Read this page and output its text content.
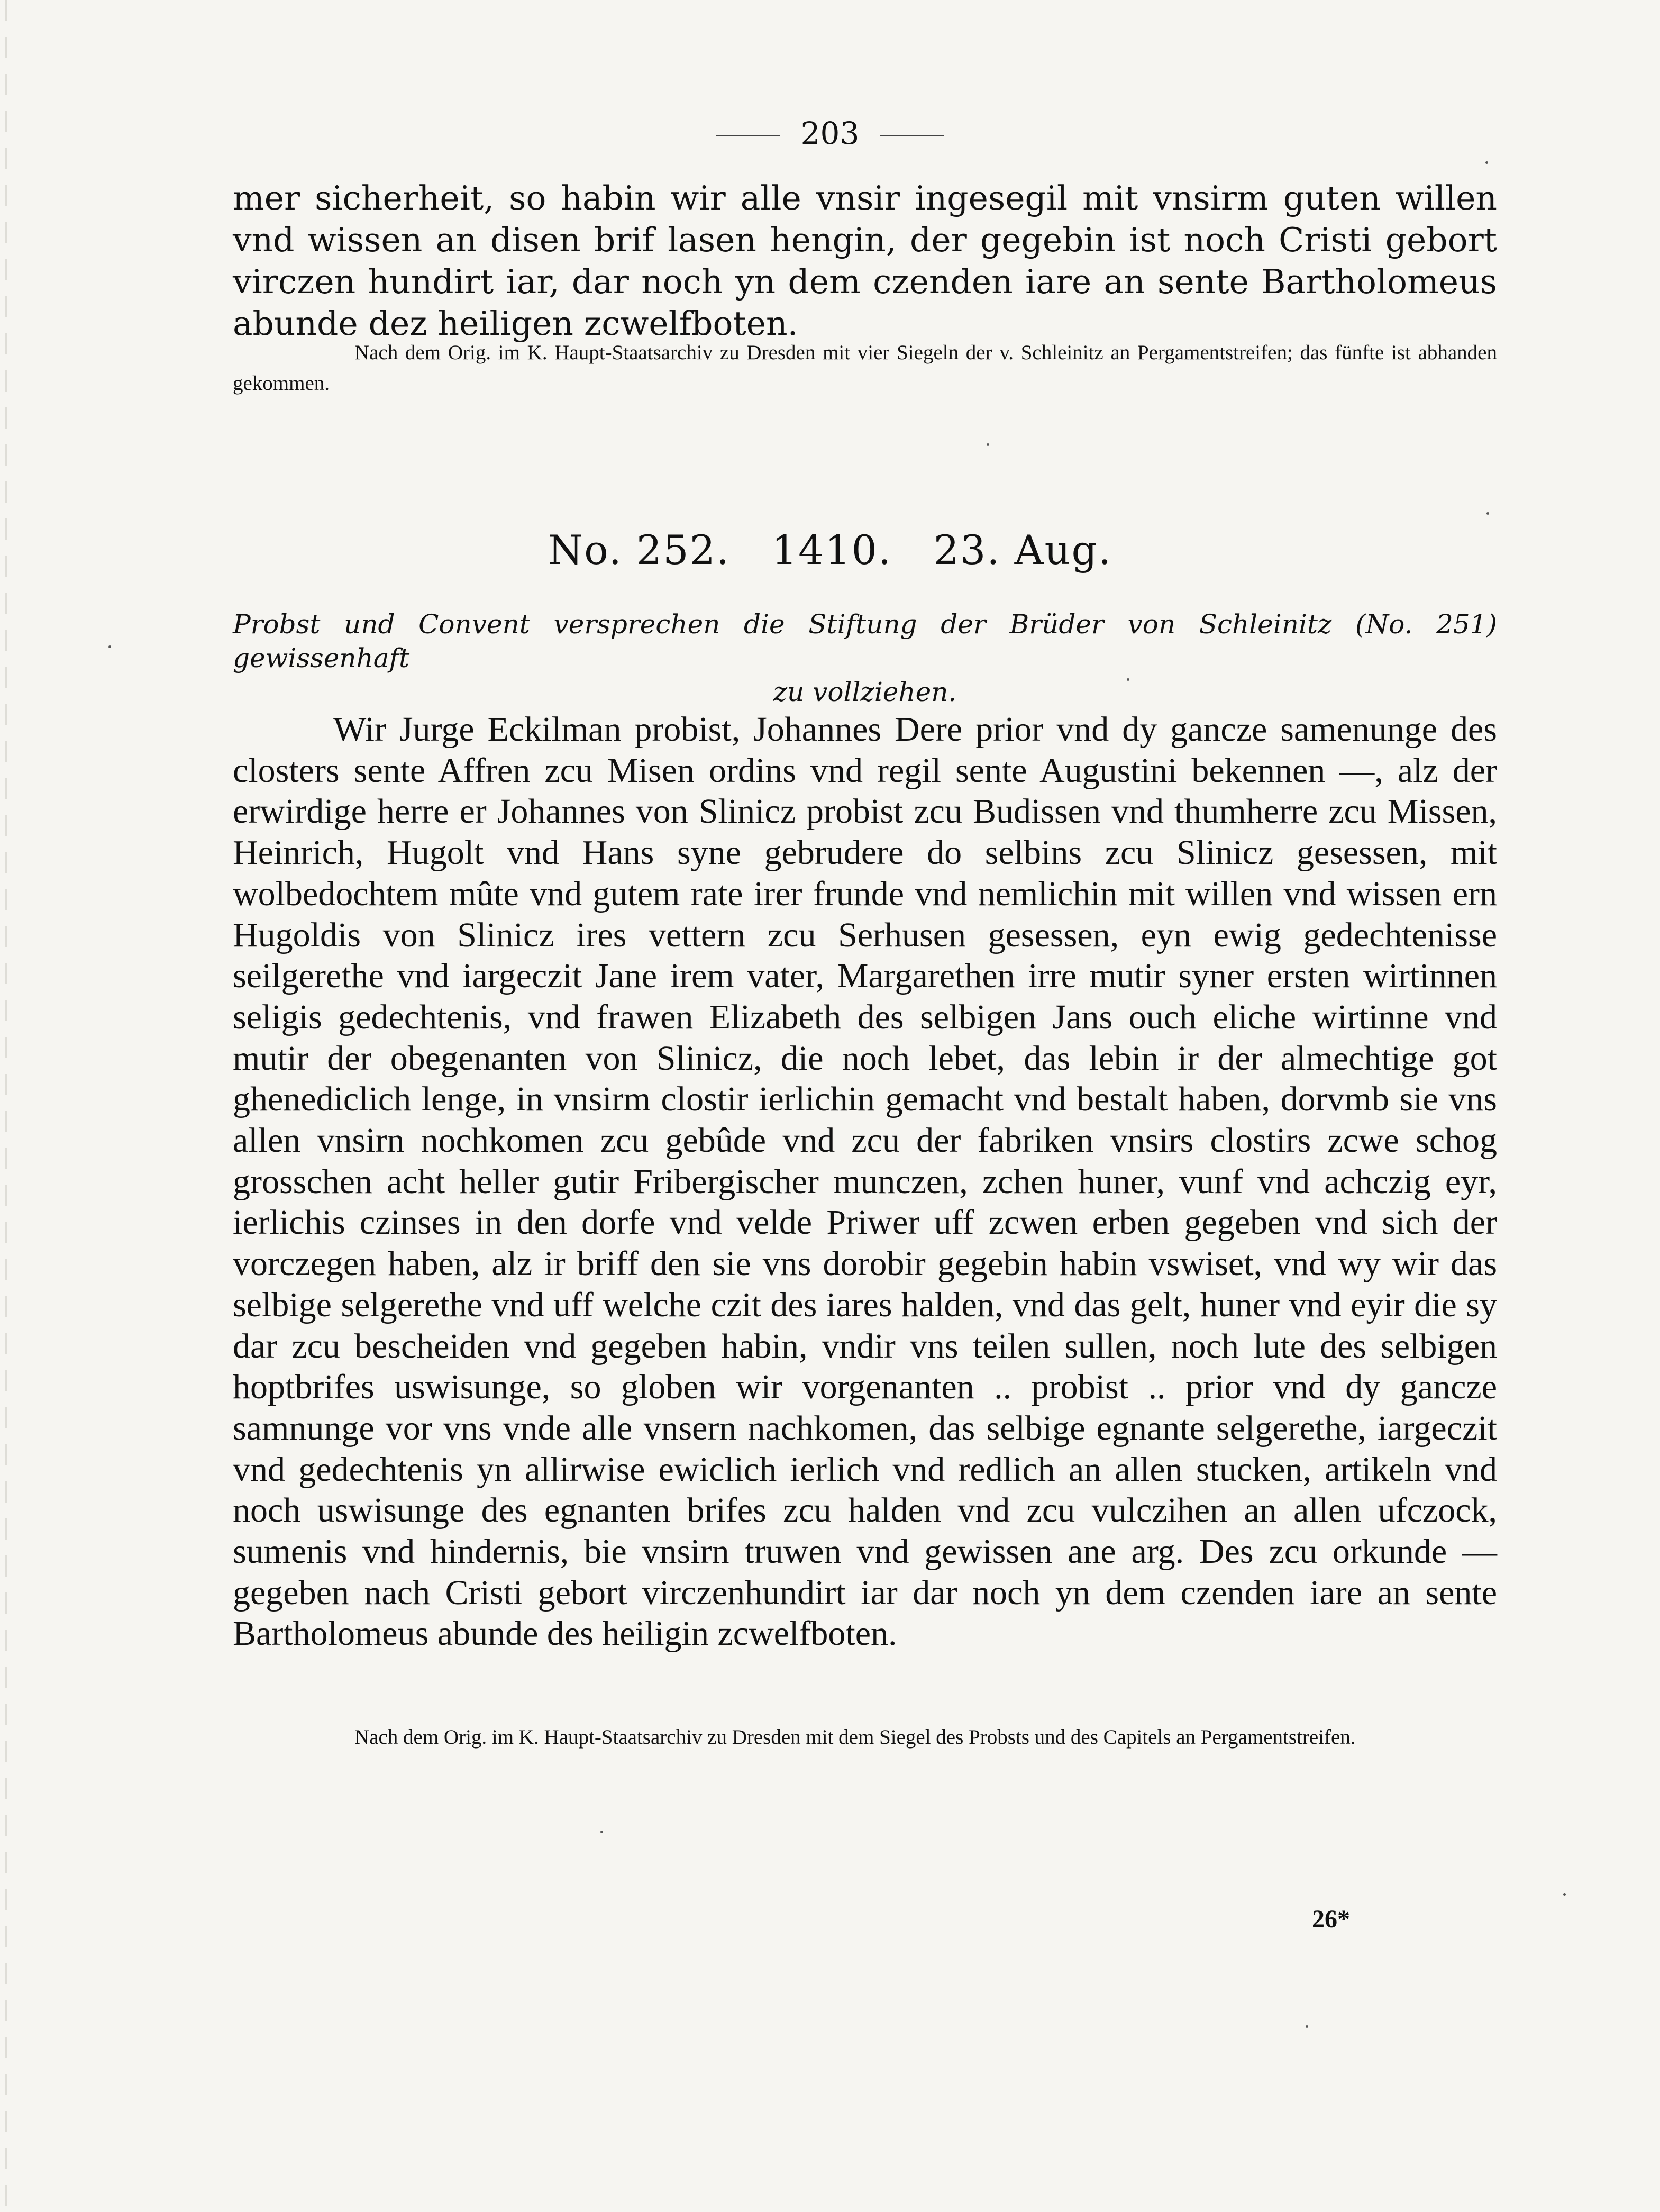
203

mer sicherheit, so habin wir alle vnsir ingesegil mit vnsirm guten willen vnd wissen an disen brif lasen hengin, der gegebin ist noch Cristi gebort virczen hundirt iar, dar noch yn dem czenden iare an sente Bartholomeus abunde dez heiligen zcwelfboten.

Nach dem Orig. im K. Haupt-Staatsarchiv zu Dresden mit vier Siegeln der v. Schleinitz an Pergamentstreifen; das fünfte ist abhanden gekommen.

No. 252.   1410.   23. Aug.
Probst und Convent versprechen die Stiftung der Brüder von Schleinitz (No. 251) gewissenhaft
zu vollziehen.

Wir Jurge Eckilman probist, Johannes Dere prior vnd dy gancze samenunge des closters sente Affren zcu Misen ordins vnd regil sente Augustini bekennen —, alz der erwirdige herre er Johannes von Slinicz probist zcu Budissen vnd thumherre zcu Missen, Heinrich, Hugolt vnd Hans syne gebrudere do selbins zcu Slinicz gesessen, mit wolbedochtem mûte vnd gutem rate irer frunde vnd nemlichin mit willen vnd wissen ern Hugoldis von Slinicz ires vettern zcu Serhusen gesessen, eyn ewig gedechtenisse seilgerethe vnd iargeczit Jane irem vater, Margarethen irre mutir syner ersten wirtinnen seligis gedechtenis, vnd frawen Elizabeth des selbigen Jans ouch eliche wirtinne vnd mutir der obegenanten von Slinicz, die noch lebet, das lebin ir der almechtige got ghenediclich lenge, in vnsirm clostir ierlichin gemacht vnd bestalt haben, dorvmb sie vns allen vnsirn nochkomen zcu gebûde vnd zcu der fabriken vnsirs clostirs zcwe schog grosschen acht heller gutir Fribergischer munczen, zchen huner, vunf vnd achczig eyr, ierlichis czinses in den dorfe vnd velde Priwer uff zcwen erben gegeben vnd sich der vorczegen haben, alz ir briff den sie vns dorobir gegebin habin vswiset, vnd wy wir das selbige selgerethe vnd uff welche czit des iares halden, vnd das gelt, huner vnd eyir die sy dar zcu bescheiden vnd gegeben habin, vndir vns teilen sullen, noch lute des selbigen hoptbrifes uswisunge, so globen wir vorgenanten .. probist .. prior vnd dy gancze samnunge vor vns vnde alle vnsern nachkomen, das selbige egnante selgerethe, iargeczit vnd gedechtenis yn allirwise ewiclich ierlich vnd redlich an allen stucken, artikeln vnd noch uswisunge des egnanten brifes zcu halden vnd zcu vulczihen an allen ufczock, sumenis vnd hindernis, bie vnsirn truwen vnd gewissen ane arg. Des zcu orkunde — gegeben nach Cristi gebort virczenhundirt iar dar noch yn dem czenden iare an sente Bartholomeus abunde des heiligin zcwelfboten.

Nach dem Orig. im K. Haupt-Staatsarchiv zu Dresden mit dem Siegel des Probsts und des Capitels an Pergamentstreifen.

26*
